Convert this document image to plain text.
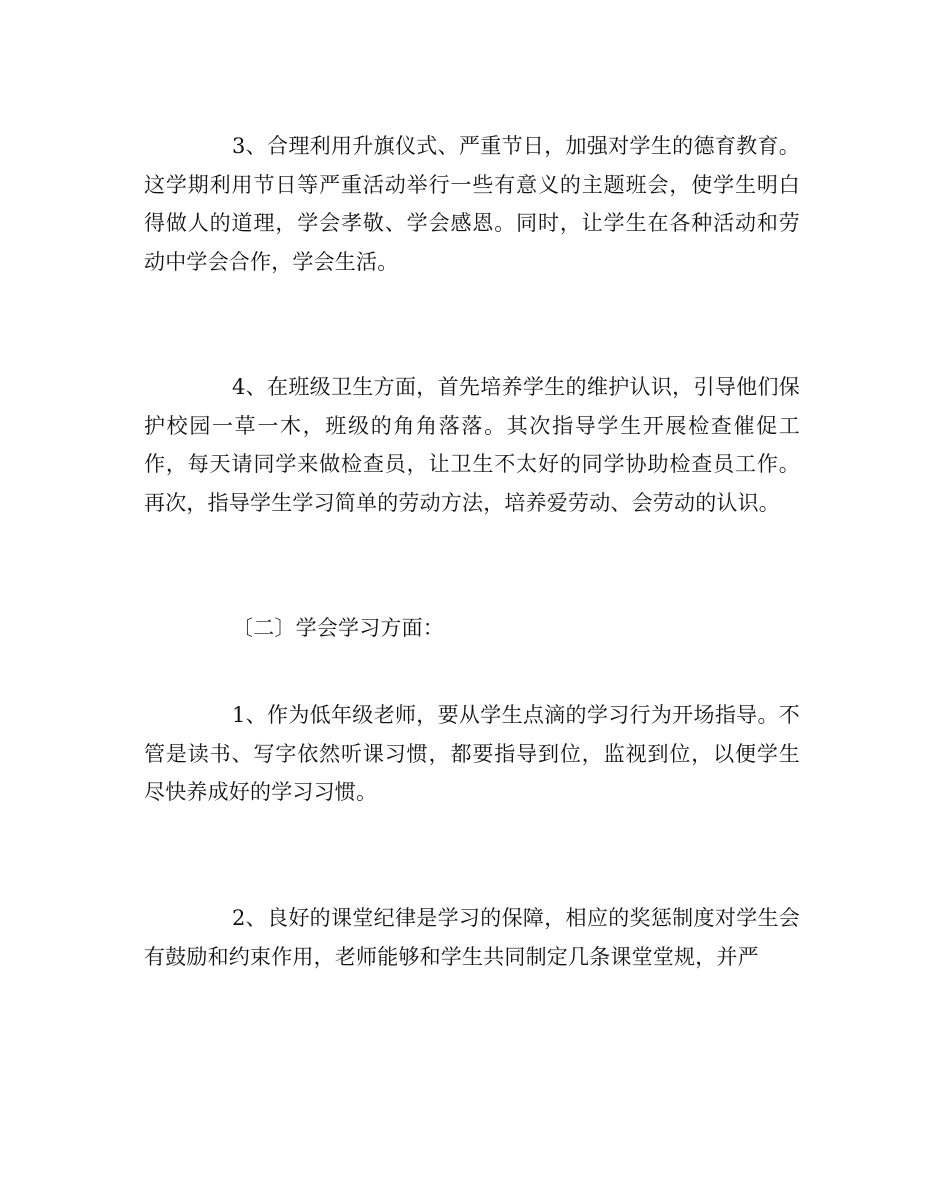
3、合理利用升旗仪式、严重节日，加强对学生的德育教育。这学期利用节日等严重活动举行一些有意义的主题班会，使学生明白得做人的道理，学会孝敬、学会感恩。同时，让学生在各种活动和劳动中学会合作，学会生活。

4、在班级卫生方面，首先培养学生的维护认识，引导他们保护校园一草一木，班级的角角落落。其次指导学生开展检查催促工作，每天请同学来做检查员，让卫生不太好的同学协助检查员工作。再次，指导学生学习简单的劳动方法，培养爱劳动、会劳动的认识。

〔二〕学会学习方面：

1、作为低年级老师，要从学生点滴的学习行为开场指导。不管是读书、写字依然听课习惯，都要指导到位，监视到位，以便学生尽快养成好的学习习惯。

2、良好的课堂纪律是学习的保障，相应的奖惩制度对学生会有鼓励和约束作用，老师能够和学生共同制定几条课堂堂规，并严
